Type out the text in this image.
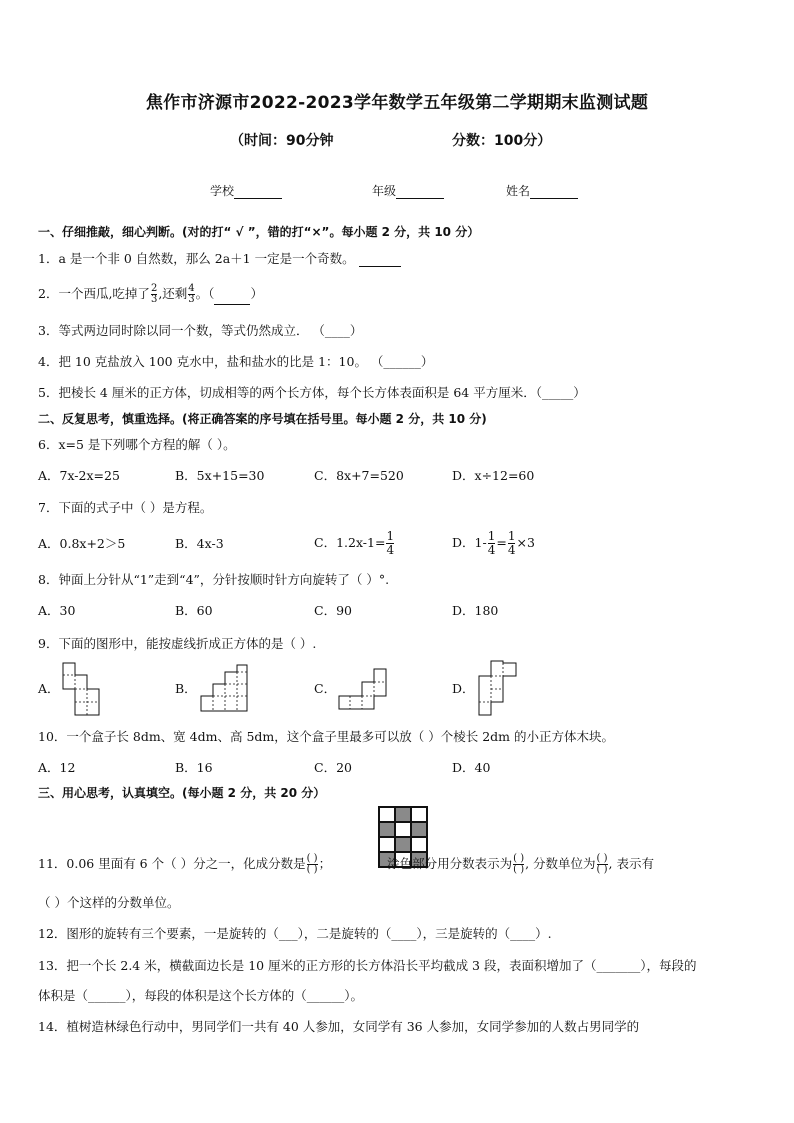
焦作市济源市2022-2023学年数学五年级第二学期期末监测试题
（时间：90分钟	分数：100分）
学校	年级	姓名
一、仔细推敲，细心判断。(对的打“ √ ”，错的打“×”。每小题 2 分，共 10 分）
1．a 是一个非 0 自然数，那么 2a＋1 一定是一个奇数。
2．一个西瓜,吃掉了 $\frac{2}{3}$ ,还剩 $\frac{4}{3}$ 。（	）
3．等式两边同时除以同一个数，等式仍然成立． （____）
4．把 10 克盐放入 100 克水中，盐和盐水的比是 1：10。 （______）
5．把棱长 4 厘米的正方体，切成相等的两个长方体，每个长方体表面积是 64 平方厘米．（_____）
二、反复思考，慎重选择。(将正确答案的序号填在括号里。每小题 2 分，共 10 分)
6．x=5 是下列哪个方程的解（ ）。
A．7x-2x=25	B．5x+15=30	C．8x+7=520	D．x÷12=60
7．下面的式子中（ ）是方程。
A．0.8x+2＞5	B．4x-3	C．$1.2x-1= \frac{1}{4}$	D．$1- \frac{1}{4} = \frac{1}{4} \times 3$
8．钟面上分针从“1”走到“4”，分针按顺时针方向旋转了（ ）°.
A．30	B．60	C．90	D．180
9．下面的图形中，能按虚线折成正方体的是（ ）.
A．	B．	C．	D．
10．一个盒子长 8dm、宽 4dm、高 5dm，这个盒子里最多可以放（ ）个棱长 2dm 的小正方体木块。
A．12	B．16	C．20	D．40
三、用心思考，认真填空。(每小题 2 分，共 20 分）
11．0.06 里面有 6 个（ ）分之一，化成分数是 $\frac{( )}{( )}$ ；	涂色部分用分数表示为 $\frac{( )}{( )}$ , 分数单位为 $\frac{( )}{( )}$ , 表示有
（ ）个这样的分数单位。
12．图形的旋转有三个要素，一是旋转的（___），二是旋转的（____），三是旋转的（____）.
13．把一个长 2.4 米，横截面边长是 10 厘米的正方形的长方体沿长平均截成 3 段，表面积增加了（_______），每段的
体积是（______），每段的体积是这个长方体的（______）。
14．植树造林绿色行动中，男同学们一共有 40 人参加，女同学有 36 人参加，女同学参加的人数占男同学的
